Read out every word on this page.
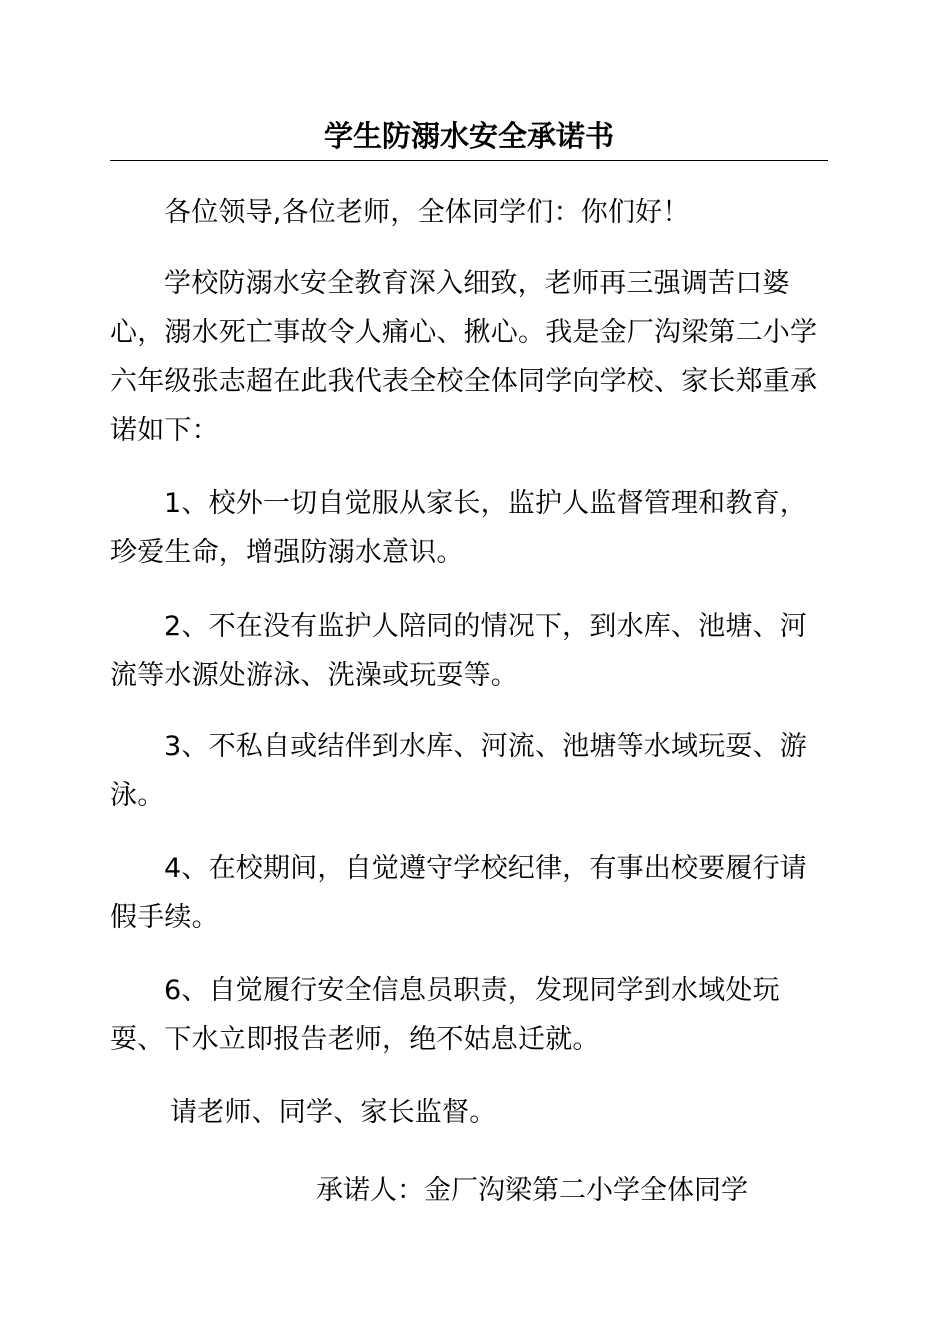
学生防溺水安全承诺书

各位领导,各位老师，全体同学们：你们好！

学校防溺水安全教育深入细致，老师再三强调苦口婆心，溺水死亡事故令人痛心、揪心。我是金厂沟梁第二小学六年级张志超在此我代表全校全体同学向学校、家长郑重承诺如下：

1、校外一切自觉服从家长，监护人监督管理和教育，珍爱生命，增强防溺水意识。

2、不在没有监护人陪同的情况下，到水库、池塘、河流等水源处游泳、洗澡或玩耍等。

3、不私自或结伴到水库、河流、池塘等水域玩耍、游泳。

4、在校期间，自觉遵守学校纪律，有事出校要履行请假手续。

6、自觉履行安全信息员职责，发现同学到水域处玩耍、下水立即报告老师，绝不姑息迁就。

请老师、同学、家长监督。

承诺人：金厂沟梁第二小学全体同学
